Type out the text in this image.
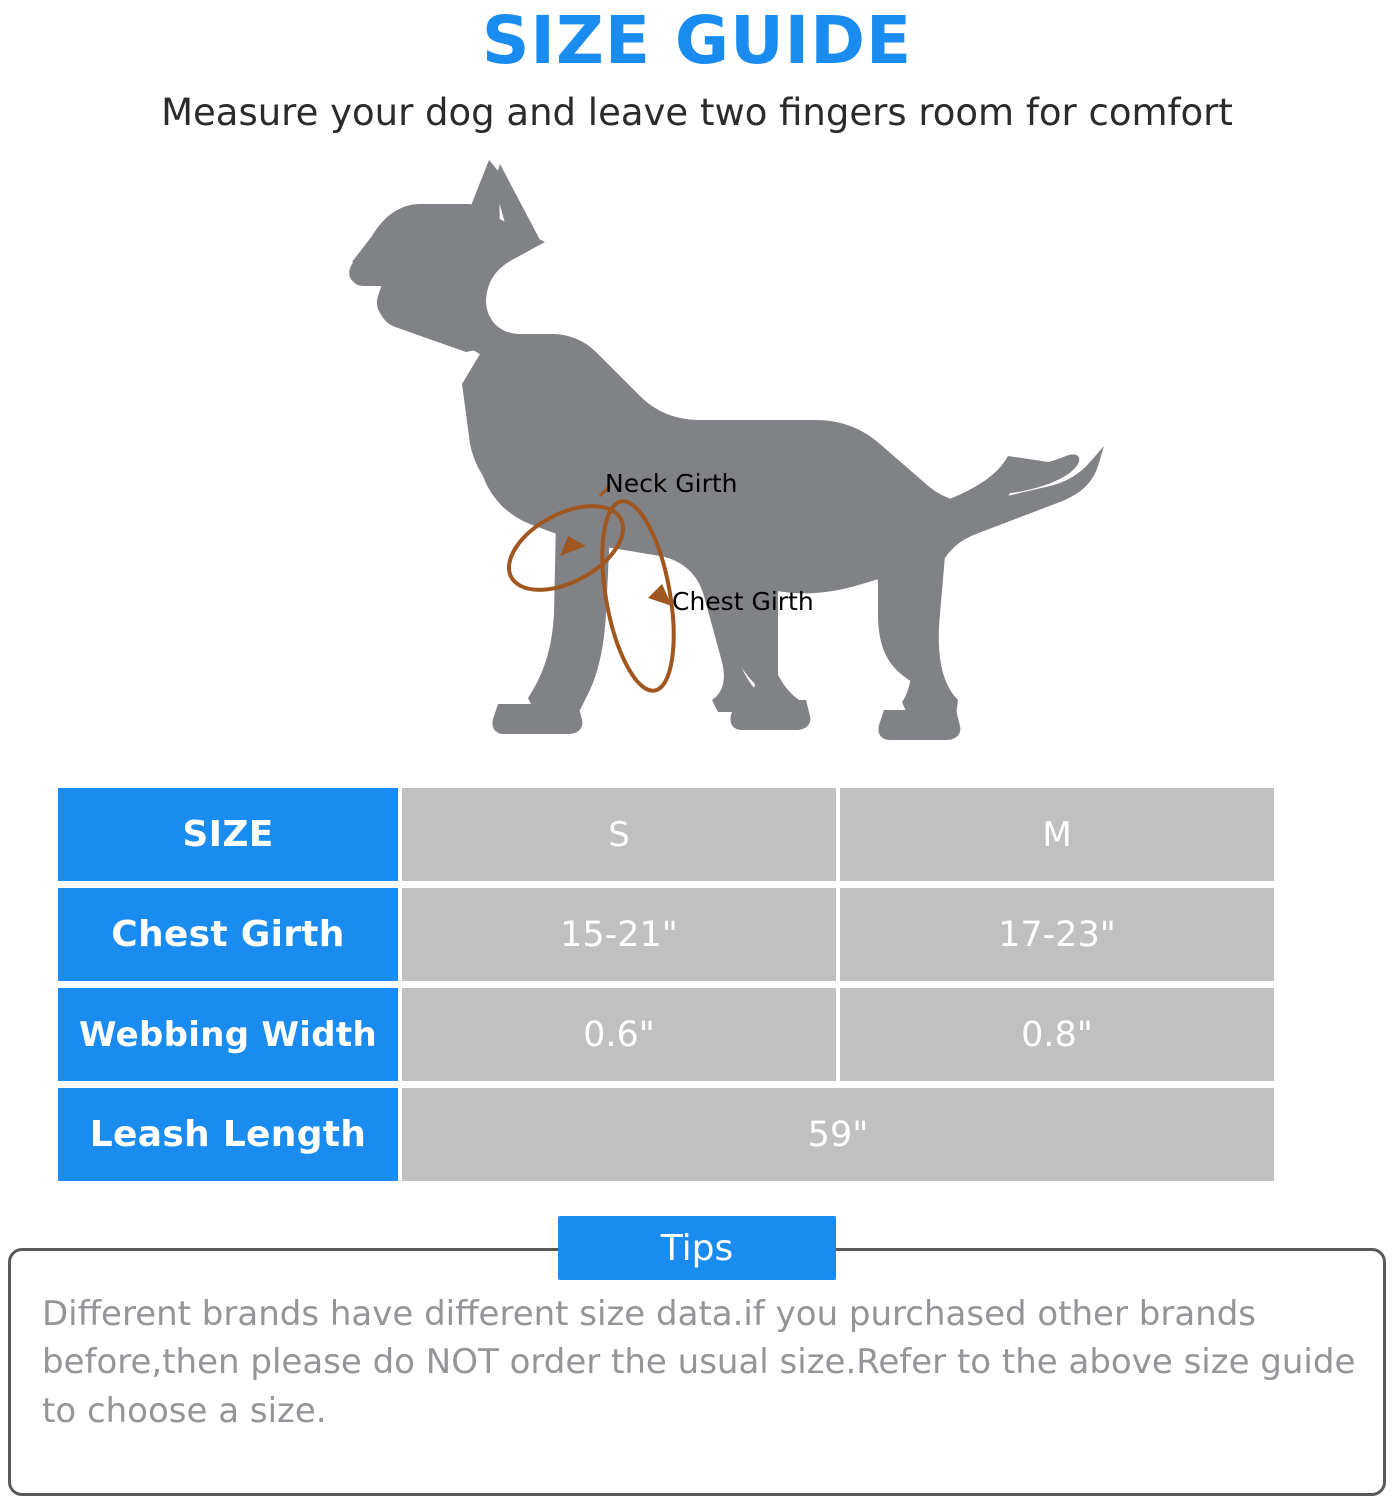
SIZE GUIDE

Measure your dog and leave two fingers room for comfort

Neck Girth
Chest Girth
SIZE	S	M
Chest Girth	15-21"	17-23"
Webbing Width	0.6"	0.8"
Leash Length	59"
Tips
Different brands have different size data.if you purchased other brands before,then please do NOT order the usual size.Refer to the above size guide to choose a size.
